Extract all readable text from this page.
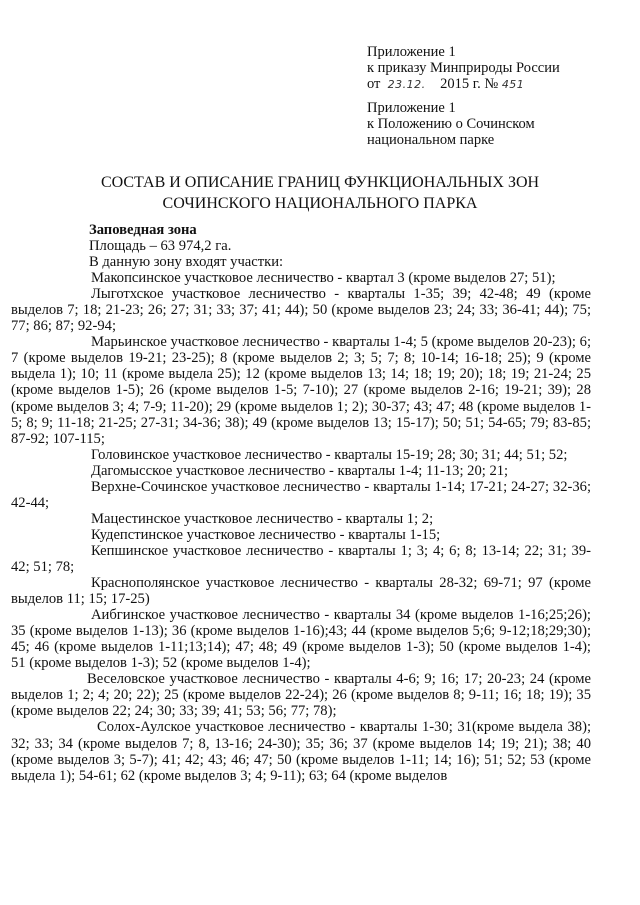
Приложение 1
к приказу Минприроды России
от 23.12. 2015 г. № 451
Приложение 1
к Положению о Сочинском
национальном парке
СОСТАВ И ОПИСАНИЕ ГРАНИЦ ФУНКЦИОНАЛЬНЫХ ЗОН
СОЧИНСКОГО НАЦИОНАЛЬНОГО ПАРКА
Заповедная зона
Площадь – 63 974,2 га.
В данную зону входят участки:

Макопсинское участковое лесничество - квартал 3 (кроме выделов 27; 51);

Лыготхское участковое лесничество - кварталы 1-35; 39; 42-48; 49 (кроме выделов 7; 18; 21-23; 26; 27; 31; 33; 37; 41; 44); 50 (кроме выделов 23; 24; 33; 36-41; 44); 75; 77; 86; 87; 92-94;

Марьинское участковое лесничество - кварталы 1-4; 5 (кроме выделов 20-23); 6; 7 (кроме выделов 19-21; 23-25); 8 (кроме выделов 2; 3; 5; 7; 8; 10-14; 16-18; 25); 9 (кроме выдела 1); 10; 11 (кроме выдела 25); 12 (кроме выделов 13; 14; 18; 19; 20); 18; 19; 21-24; 25 (кроме выделов 1-5); 26 (кроме выделов 1-5; 7-10); 27 (кроме выделов 2-16; 19-21; 39); 28 (кроме выделов 3; 4; 7-9; 11-20); 29 (кроме выделов 1; 2); 30-37; 43; 47; 48 (кроме выделов 1-5; 8; 9; 11-18; 21-25; 27-31; 34-36; 38); 49 (кроме выделов 13; 15-17); 50; 51; 54-65; 79; 83-85; 87-92; 107-115;

Головинское участковое лесничество - кварталы 15-19; 28; 30; 31; 44; 51; 52;

Дагомысское участковое лесничество - кварталы 1-4; 11-13; 20; 21;

Верхне-Сочинское участковое лесничество - кварталы 1-14; 17-21; 24-27; 32-36; 42-44;

Мацестинское участковое лесничество - кварталы 1; 2;

Кудепстинское участковое лесничество - кварталы 1-15;

Кепшинское участковое лесничество - кварталы 1; 3; 4; 6; 8; 13-14; 22; 31; 39-42; 51; 78;

Краснополянское участковое лесничество - кварталы 28-32; 69-71; 97 (кроме выделов 11; 15; 17-25)

Аибгинское участковое лесничество - кварталы 34 (кроме выделов 1-16;25;26); 35 (кроме выделов 1-13); 36 (кроме выделов 1-16);43; 44 (кроме выделов 5;6; 9-12;18;29;30); 45; 46 (кроме выделов 1-11;13;14); 47; 48; 49 (кроме выделов 1-3); 50 (кроме выделов 1-4); 51 (кроме выделов 1-3); 52 (кроме выделов 1-4);

Веселовское участковое лесничество - кварталы 4-6; 9; 16; 17; 20-23; 24 (кроме выделов 1; 2; 4; 20; 22); 25 (кроме выделов 22-24); 26 (кроме выделов 8; 9-11; 16; 18; 19); 35 (кроме выделов 22; 24; 30; 33; 39; 41; 53; 56; 77; 78);

Солох-Аулское участковое лесничество - кварталы 1-30; 31(кроме выдела 38); 32; 33; 34 (кроме выделов 7; 8, 13-16; 24-30); 35; 36; 37 (кроме выделов 14; 19; 21); 38; 40 (кроме выделов 3; 5-7); 41; 42; 43; 46; 47; 50 (кроме выделов 1-11; 14; 16); 51; 52; 53 (кроме выдела 1); 54-61; 62 (кроме выделов 3; 4; 9-11); 63; 64 (кроме выделов
